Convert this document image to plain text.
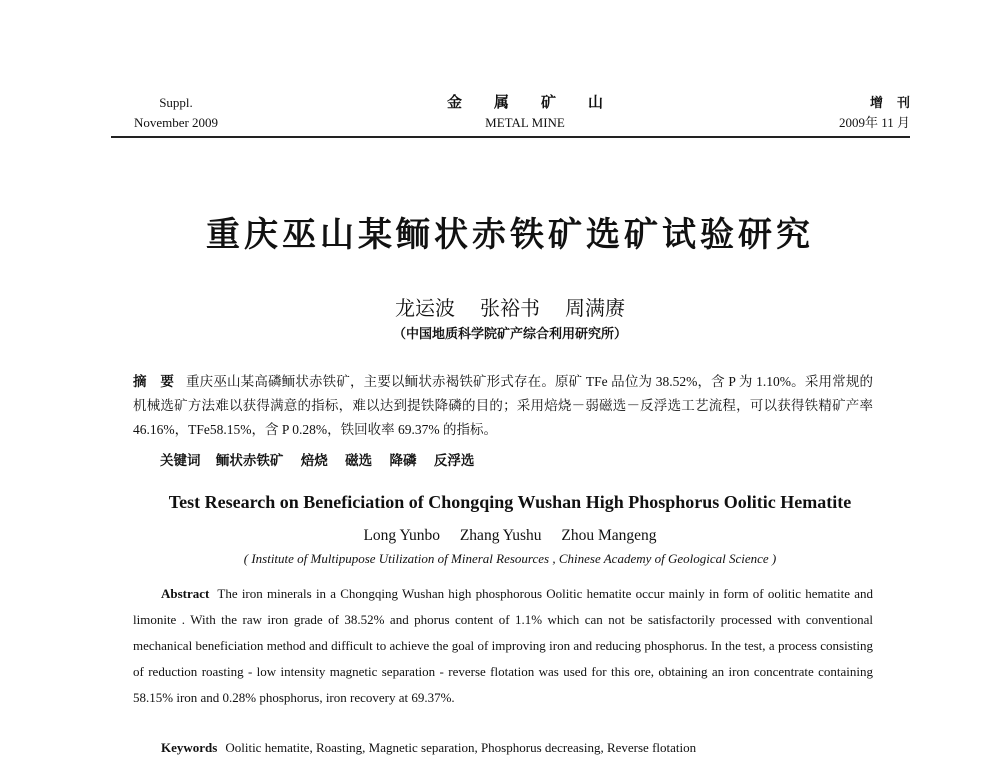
Suppl.
November 2009
金属矿山
METAL MINE
增刊
2009年 11 月
重庆巫山某鲕状赤铁矿选矿试验研究
龙运波 张裕书 周满赓
（中国地质科学院矿产综合利用研究所）
摘　要 重庆巫山某高磷鲕状赤铁矿，主要以鲕状赤褐铁矿形式存在。原矿 TFe 品位为 38.52%，含 P 为 1.10%。采用常规的机械选矿方法难以获得满意的指标，难以达到提铁降磷的目的；采用焙烧－弱磁选－反浮选工艺流程，可以获得铁精矿产率 46.16%，TFe58.15%，含 P 0.28%，铁回收率 69.37% 的指标。
关键词 鲕状赤铁矿 焙烧 磁选 降磷 反浮选
Test Research on Beneficiation of Chongqing Wushan High Phosphorus Oolitic Hematite
Long Yunbo Zhang Yushu Zhou Mangeng
( Institute of Multipupose Utilization of Mineral Resources , Chinese Academy of Geological Science )
Abstract The iron minerals in a Chongqing Wushan high phosphorous Oolitic hematite occur mainly in form of oolitic hematite and limonite . With the raw iron grade of 38.52% and phorus content of 1.1% which can not be satisfactorily processed with conventional mechanical beneficiation method and difficult to achieve the goal of improving iron and reducing phosphorus. In the test, a process consisting of reduction roasting - low intensity magnetic separation - reverse flotation was used for this ore, obtaining an iron concentrate containing 58.15% iron and 0.28% phosphorus, iron recovery at 69.37%.
Keywords Oolitic hematite, Roasting, Magnetic separation, Phosphorus decreasing, Reverse flotation
